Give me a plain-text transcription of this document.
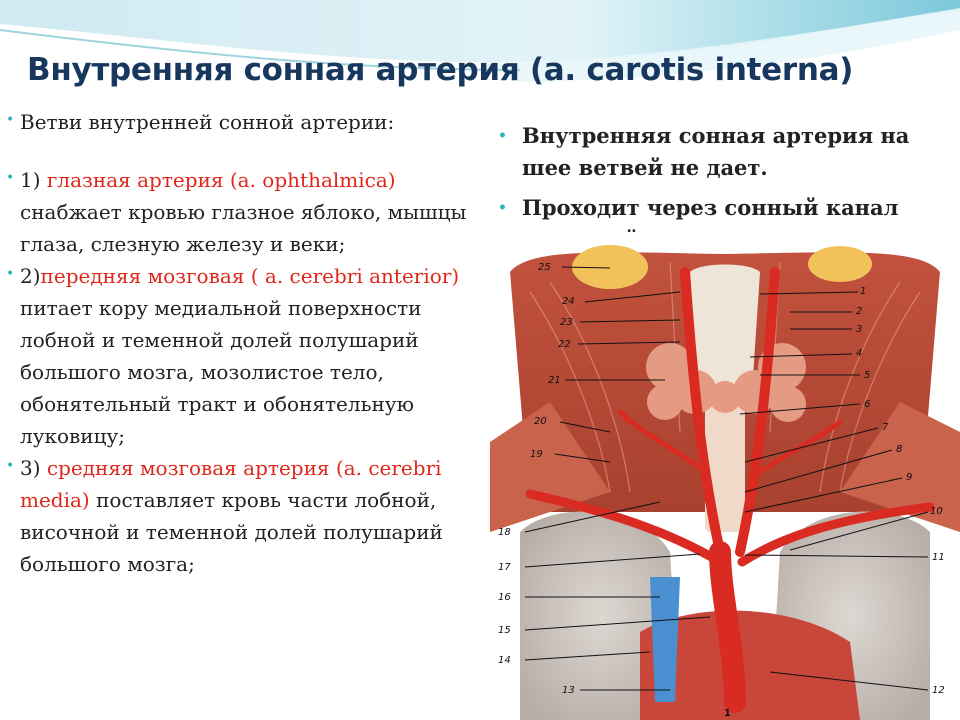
Внутренняя сонная артерия (a. carotis interna)
• Ветви внутренней сонной артерии:
• 1) глазная артерия (a. ophthalmica) снабжает кровью глазное яблоко, мышцы глаза, слезную железу и веки;
• 2)передняя мозговая ( a. cerebri anterior) питает кору медиальной поверхности лобной и теменной долей полушарий большого мозга, мозолистое тело, обонятельный тракт и обонятельную луковицу;
• 3) средняя мозговая артерия (a. cerebri media) поставляет кровь части лобной, височной и теменной долей полушарий большого мозга;
• Внутренняя сонная артерия на шее ветвей не дает.
• Проходит через сонный канал
1
2
3
4
5
6
7
8
9
10
11
12
25
24
23
22
21
20
19
18
17
16
15
14
13
1
